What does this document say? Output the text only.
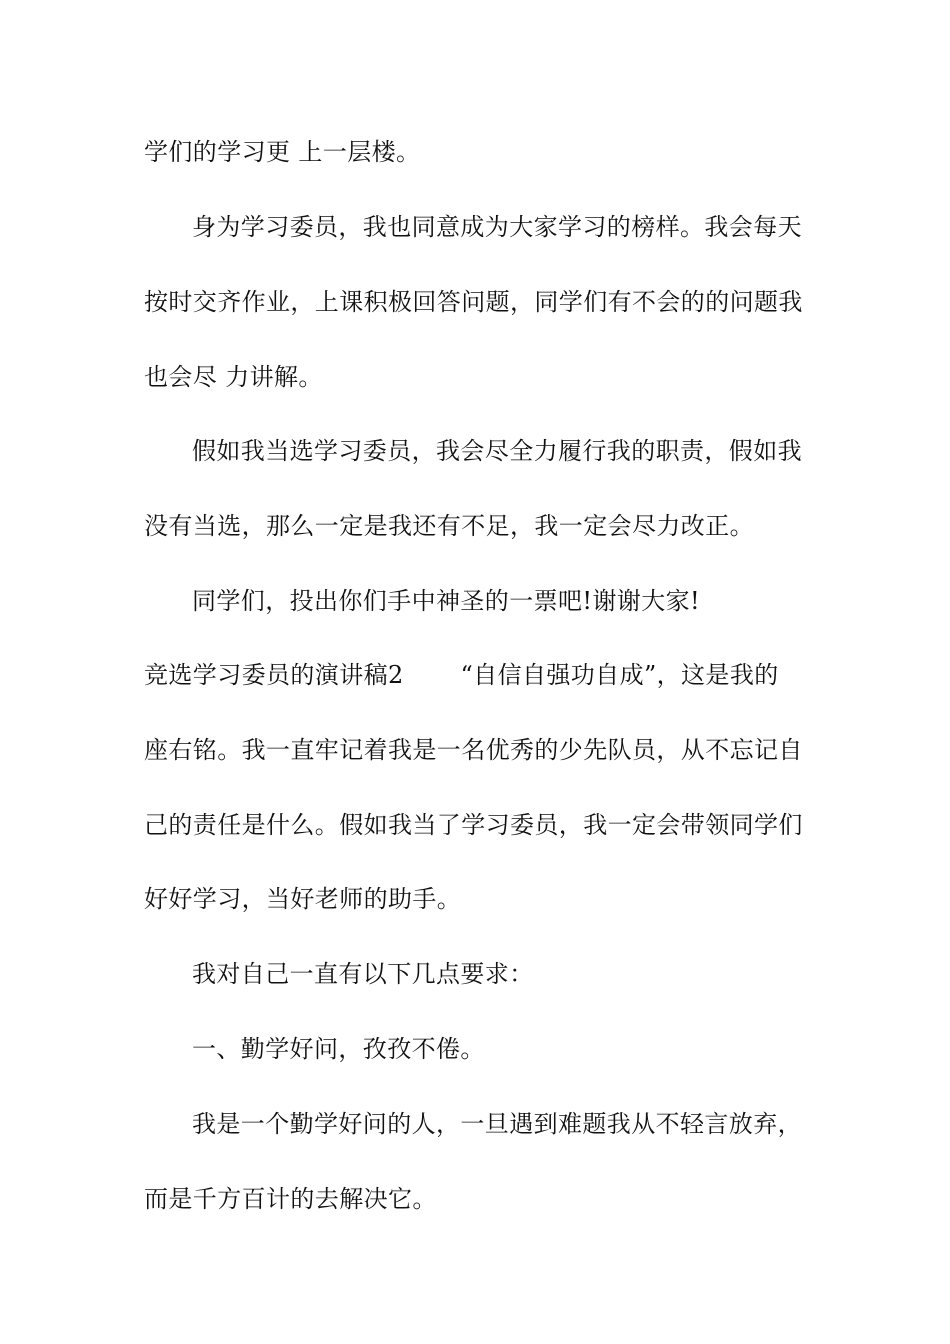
学们的学习更 上一层楼。
身为学习委员，我也同意成为大家学习的榜样。我会每天
按时交齐作业，上课积极回答问题，同学们有不会的的问题我
也会尽 力讲解。
假如我当选学习委员，我会尽全力履行我的职责，假如我
没有当选，那么一定是我还有不足，我一定会尽力改正。
同学们，投出你们手中神圣的一票吧!谢谢大家!
竞选学习委员的演讲稿2　　 “自信自强功自成”，这是我的
座右铭。我一直牢记着我是一名优秀的少先队员，从不忘记自
己的责任是什么。假如我当了学习委员，我一定会带领同学们
好好学习，当好老师的助手。
我对自己一直有以下几点要求：
一、勤学好问，孜孜不倦。
我是一个勤学好问的人，一旦遇到难题我从不轻言放弃，
而是千方百计的去解决它。
